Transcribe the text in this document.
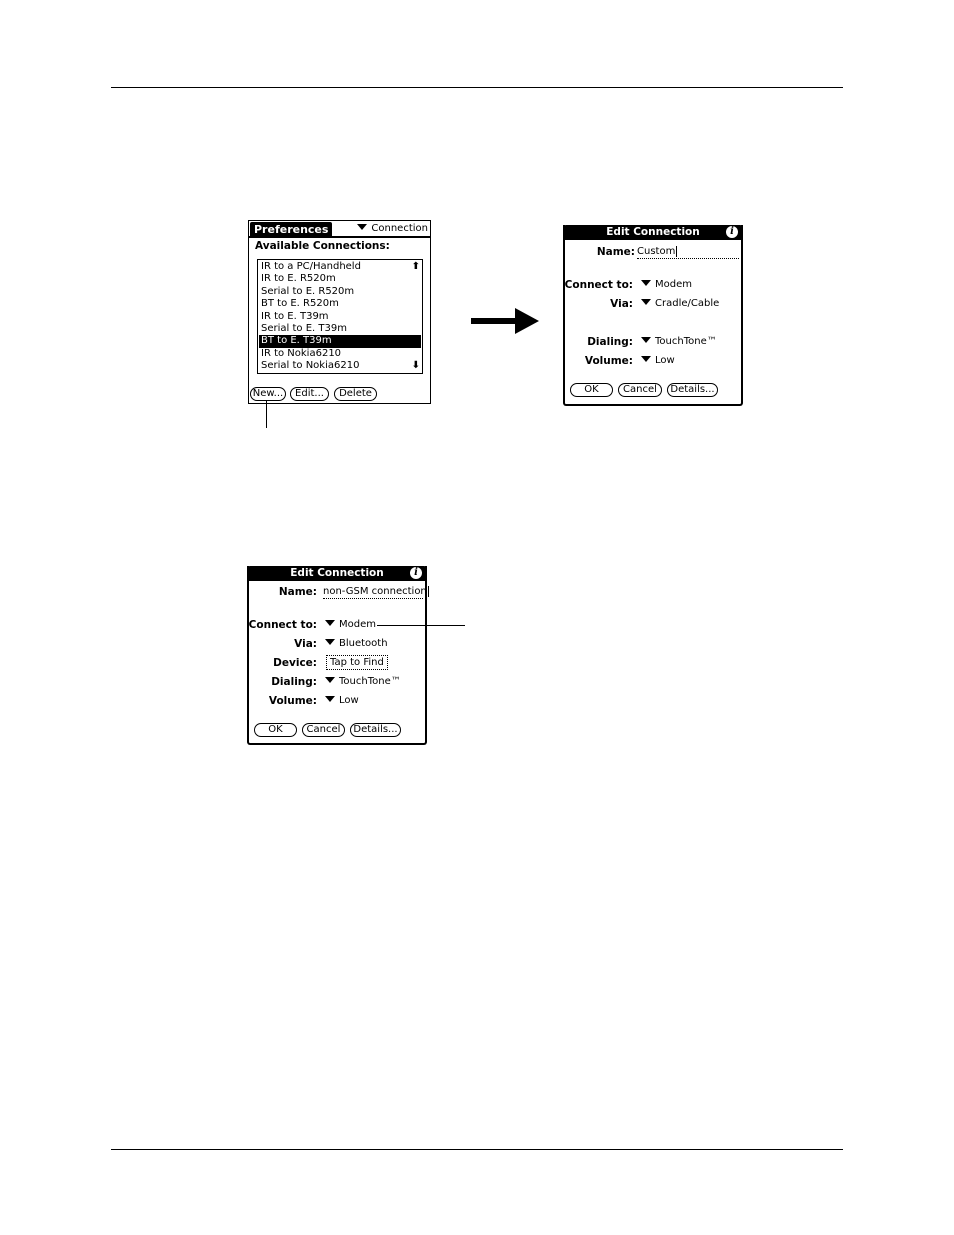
Preferences	Connection
Available Connections:
IR to a PC/Handheld
IR to E. R520m
Serial to E. R520m
BT to E. R520m
IR to E. T39m
Serial to E. T39m
BT to E. T39m
IR to Nokia6210
Serial to Nokia6210
⬆
⬇
New...	Edit...	Delete
Edit Connection	i
Name: Custom
Connect to:	Modem
Via:	Cradle/Cable
Dialing:	TouchTone™
Volume:	Low
OK	Cancel	Details...
Edit Connection	i
Name: non-GSM connection
Connect to:	Modem
Via:	Bluetooth
Device:	Tap to Find
Dialing:	TouchTone™
Volume:	Low
OK	Cancel	Details...
